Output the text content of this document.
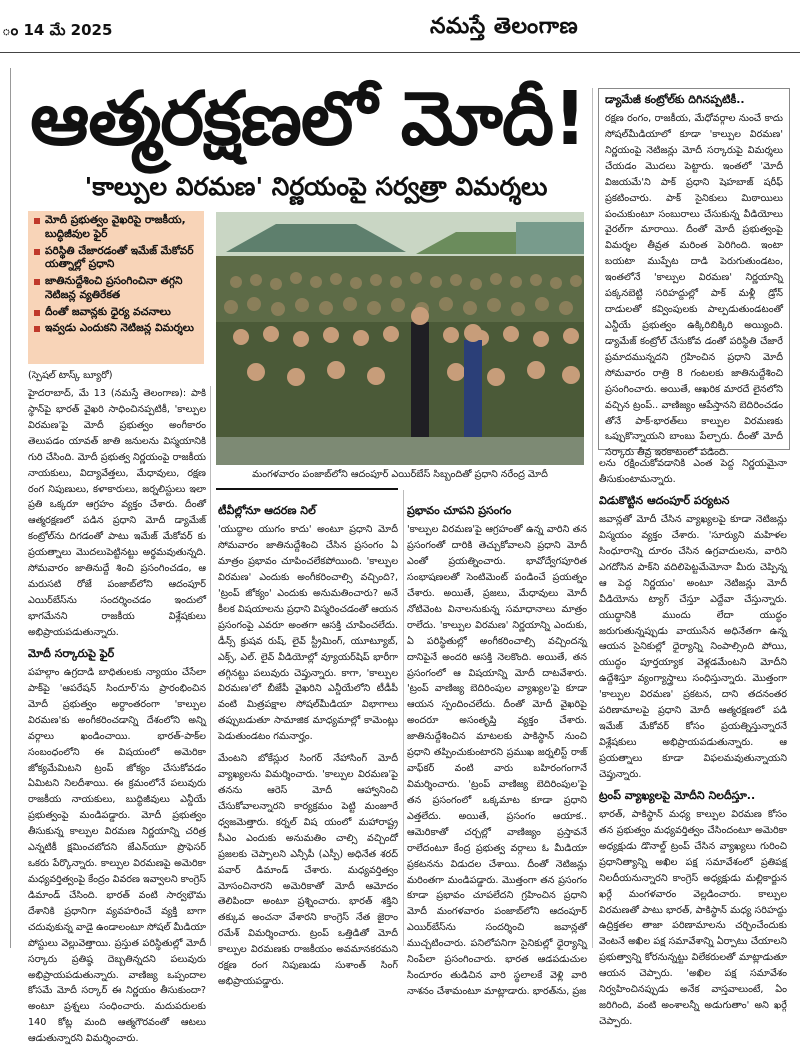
ం 14 మే 2025	నమస్తే తెలంగాణ
ఆత్మరక్షణలో మోదీ!
'కాల్పుల విరమణ' నిర్ణయంపై సర్వత్రా విమర్శలు
మోదీ ప్రభుత్వం వైఖరిపై రాజకీయ, బుద్ధిజీవుల ఫైర్
పరిస్థితి చేజారడంతో ఇమేజ్ మేకోవర్ యత్నాల్లో ప్రధాని
జాతినుద్దేశించి ప్రసంగించినా తగ్గని నెటిజన్ల వ్యతిరేకత
దీంతో జవాన్లకు ధైర్య వచనాలు
ఇవ్వడు ఎందుకని నెటిజన్ల విమర్శలు
మంగళవారం పంజాబ్‌లోని ఆదంపూర్ ఎయిర్‌బేస్ సిబ్బందితో ప్రధాని నరేంద్ర మోదీ
(స్పెషల్ టాస్క్ బ్యూరో)

హైదరాబాద్, మే 13 (నమస్తే తెలంగాణ): పాకి స్థాన్‌పై భారత్ వైఖరి సాధించినప్పటికీ, 'కాల్పుల విరమణ'పై మోదీ ప్రభుత్వం అంగీకారం తెలుపడం యావత్ జాతి జనులను విస్మయానికి గురి చేసింది. మోదీ ప్రభుత్వ నిర్ణయంపై రాజకీయ నాయకులు, విద్యావేత్తలు, మేధావులు, రక్షణ రంగ నిపుణులు, కళాకారులు, జర్నలిస్టులు ఇలా ప్రతి ఒక్కరూ ఆగ్రహం వ్యక్తం చేశారు. దీంతో ఆత్మరక్షణలో పడిన ప్రధాని మోదీ డ్యామేజ్ కంట్రోల్‌ను దిగడంతో పాటు ఇమేజ్ మేకోవర్ కు ప్రయత్నాలు మొదలుపెట్టినట్టు అర్థమవుతున్నది. సోమవారం జాతినుద్దే శించి ప్రసంగించడం, ఆ మరుసటి రోజే పంజాబ్‌లోని ఆదంపూర్ ఎయిర్‌బేస్‌ను సందర్శించడం ఇందులో భాగమేనని రాజకీయ విశ్లేషకులు అభిప్రాయపడుతున్నారు.

మోదీ సర్కారుపై ఫైర్

పహల్గాం ఉగ్రదాడి బాధితులకు న్యాయం చేసేలా పాక్‌పై 'ఆపరేషన్ సిందూర్'ను ప్రారంభించిన మోదీ ప్రభుత్వం అర్ధాంతరంగా 'కాల్పుల విరమణ'కు అంగీకరించడాన్ని దేశంలోని అన్ని వర్గాలు ఖండించాయి. భారత్-పాక్‌ల సంబంధంలోని ఈ విషయంలో అమెరికా జోక్యమేమిటని ట్రంప్ జోక్యం చేసుకోవడం ఏమిటని నిలదీశాయి. ఈ క్రమంలోనే పలువురు రాజకీయ నాయకులు, బుద్ధిజీవులు ఎన్డీయే ప్రభుత్వంపై మండిపడ్డారు. మోదీ ప్రభుత్వం తీసుకున్న కాల్పుల విరమణ నిర్ణయాన్ని చరిత్ర ఎన్నటికీ క్షమించబోదని జేఎన్‌యూ ప్రొఫెసర్ ఒకరు పేర్కొన్నారు. కాల్పుల విరమణపై అమెరికా మధ్యవర్తిత్వంపై కేంద్రం వివరణ ఇవ్వాలని కాంగ్రెస్ డిమాండ్ చేసింది. భారత్ వంటి సార్వభౌమ దేశానికి ప్రధానిగా వ్యవహరించే వ్యక్తి బాగా చదువుకున్న వాడై ఉండాలంటూ సోషల్ మీడియా పోస్టులు వెల్లువెత్తాయి. ప్రస్తుత పరిస్థితుల్లో మోదీ సర్కారు ప్రతిష్ఠ దెబ్బతిన్నదని పలువురు అభిప్రాయపడుతున్నారు. వాణిజ్య ఒప్పందాల కోసమే మోదీ సర్కార్ ఈ నిర్ణయం తీసుకుందా? అంటూ ప్రశ్నలు సంధించారు. మదుపరులకు 140 కోట్ల మంది ఆత్మగౌరవంతో ఆటలు ఆడుతున్నారని విమర్శించారు.

టీవీల్లోనూ ఆదరణ నిల్

'యుద్ధాల యుగం కాదు' అంటూ ప్రధాని మోదీ సోమవారం జాతినుద్దేశించి చేసిన ప్రసంగం ఏ మాత్రం ప్రభావం చూపించలేకపోయింది. 'కాల్పుల విరమణ' ఎందుకు అంగీకరించాల్సి వచ్చింది?, 'ట్రంప్ జోక్యం' ఎందుకు అనుమతించారు? అనే కీలక విషయాలను ప్రధాని విస్మరించడంతో ఆయన ప్రసంగంపై ఎవరూ అంతగా ఆసక్తి చూపించలేదు. డీన్స్ క్రుషవ రుష్, లైవ్ స్ట్రీమింగ్, యూట్యూబ్, ఎక్స్, ఎల్. లైవ్ వీడియోల్లో వ్యూయర్‌షిప్ భారీగా తగ్గినట్టు పలువురు చెప్తున్నారు. కాగా, 'కాల్పుల విరమణ'లో బీజేపీ వైఖరిని ఎన్డీయేలోని టీడీపీ వంటి మిత్రపక్షాల సోషల్‌మీడియా విభాగాలు తప్పుబడుతూ సామాజిక మాధ్యమాల్లో కామెంట్లు పెడుతుండటం గమనార్హం.

మేంటని బోకేస్లుర సింగర్ నేహాసింగ్ మోదీ వ్యాఖ్యలను విమర్శించారు. 'కాల్పుల విరమణ'పై తనను ఆరెస్ మోదీ ఆహ్వానించి చేసుకోవాలన్నారని కార్యక్రమం పెట్టి మంజూరే ధ్వజమెత్తారు. కర్నల్ విష యంలో మహారాష్ట్ర సీఎం ఎందుకు అనుమతిం చాల్సి వచ్చిందో ప్రజలకు చెప్పాలని ఎన్సీపీ (ఎస్పీ) అధినేత శరద్ పవార్ డిమాండ్ చేశారు. మధ్యవర్తిత్వం మోసంచినారని అమెరికాతో మోదీ ఆమోదం తెలిపిందా అంటూ ప్రశ్నించారు. భారత్ శక్తిని తక్కువ అంచనా వేశారని కాంగ్రెస్ నేత జైరాం రమేశ్ విమర్శించారు. ట్రంప్ ఒత్తిడితో మోదీ కాల్పుల విరమణకు రాజకీయం అవమానకరమని రక్షణ రంగ నిపుణుడు సుశాంత్ సింగ్ అభిప్రాయపడ్డారు.

ప్రభావం చూపని ప్రసంగం

'కాల్పుల విరమణ'పై ఆగ్రహంతో ఉన్న వారిని తన ప్రసంగంతో దారికి తెచ్చుకోవాలని ప్రధాని మోదీ ఎంతో ప్రయత్నించారు. భావోద్వేగపూరిత సంభాషణలతో సెంటిమెంట్ పండించే ప్రయత్నం చేశారు. అయితే, ప్రజలు, మేధావులు మోదీ నోటివెంట వినాలనుకున్న సమాధానాలు మాత్రం రాలేదు. 'కాల్పుల విరమణ' నిర్ణయాన్ని ఎందుకు, ఏ పరిస్థితుల్లో అంగీకరించాల్సి వచ్చిందన్న దానిపైనే అందరి ఆసక్తి నెలకొంది. అయితే, తన ప్రసంగంలో ఆ విషయాన్ని మోదీ దాటవేశారు. 'ట్రంప్ వాణిజ్య బెదిరింపుల వ్యాఖ్యల'పై కూడా ఆయన స్పందించలేదు. దీంతో మోదీ వైఖరిపై అందరూ అసంతృప్తి వ్యక్తం చేశారు. జాతినుద్దేశించిన మాటలకు పాకిస్థాన్ నుంచి ప్రధాని తప్పించుకుంటారని ప్రముఖ జర్నలిస్ట్ రాజ్ వాఫ్‌కర్ వంటి వారు బహిరంగంగానే విమర్శించారు. 'ట్రంప్ వాణిజ్య బెదిరింపుల'పై తన ప్రసంగంలో ఒక్కమాట కూడా ప్రధాని ఎత్తలేదు. అయితే, ప్రసంగం ఆయాక.. ఆమెరికాతో చర్చల్లో వాణిజ్యం ప్రస్తావనే రాలేదంటూ కేంద్ర ప్రభుత్వ వర్గాలు ఓ మీడియా ప్రకటనను విడుదల చేశాయి. దీంతో నెటిజన్లు మరింతగా మండిపడ్డారు. మొత్తంగా తన ప్రసంగం కూడా ప్రభావం చూపలేదని గ్రహించిన ప్రధాని మోదీ మంగళవారం పంజాబ్‌లోని ఆదంపూర్ ఎయిర్‌బేస్‌ను సందర్శించి జవాన్లతో ముచ్చటించారు. పనిలోపనిగా సైనికుల్లో ధైర్యాన్ని నింపేలా ప్రసంగించారు. భారత ఆడపడుచుల సిందూరం తుడిచిన వారి స్థలాలకే వెళ్లి వారి నాశనం చేశామంటూ మాట్లాడారు. భారత్‌ను, ప్రజ

డ్యామేజీ కంట్రోల్‌కు దిగినప్పటికీ..

రక్షణ రంగం, రాజకీయ, మేధోవర్గాల నుంచే కాదు సోషల్‌మీడియాలో కూడా 'కాల్పుల విరమణ' నిర్ణయంపై నెటిజన్లు మోదీ సర్కారుపై విమర్శలు చేయడం మొదలు పెట్టారు. ఇంతలో 'మోదీ విజయమే'ని పాక్ ప్రధాని షెహబాజ్ షరీఫ్ ప్రకటించారు. పాక్ సైనికులు మిఠాయిలు పంచుకుంటూ సంబురాలు చేసుకున్న వీడియోలు వైరల్‌గా మారాయి. దీంతో మోదీ ప్రభుత్వంపై విమర్శల తీవ్రత మరింత పెరిగింది. ఇంటా బయటా ముప్పేట దాడి పెరుగుతుండటం, ఇంతలోనే 'కాల్పుల విరమణ' నిర్ణయాన్ని పక్కనబెట్టి సరిహద్దుల్లో పాక్ మళ్లీ డ్రోన్ దాడులతో కవ్వింపులకు పాల్పడుతుండటంతో ఎన్డీయే ప్రభుత్వం ఉక్కిరిబిక్కిరి అయ్యింది. డ్యామేజ్ కంట్రోల్ చేసుకోవ డంతో పరిస్థితి చేజారే ప్రమాదమున్నదని గ్రహించిన ప్రధాని మోదీ సోమవారం రాత్రి 8 గంటలకు జాతినుద్దేశించి ప్రసంగించారు. అయితే, ఆఖరిక మారదే లైనలోని వచ్చిన ట్రంప్.. వాణిజ్యం ఆపేస్తానని బెదిరించడం తోనే పాక్-భారత్‌లు కాల్పుల విరమణకు ఒప్పుకొన్నాయని బాంబు పేల్చారు. దీంతో మోదీ సర్కారు తీవ్ర ఇరకాటంలో పడింది.

లను రక్షించుకోవడానికి ఎంత పెద్ద నిర్ణయమైనా తీసుకుంటామన్నారు.

విడుకొట్టిన ఆదంపూర్ పర్యటన

జవాన్లతో మోదీ చేసిన వ్యాఖ్యలపై కూడా నెటిజన్లు విస్మయం వ్యక్తం చేశారు. 'సూర్యుని మహిళల సింధూరాన్ని దూరం చేసిన ఉగ్రవాదులను, వారిని ఎగదోసిన పాక్‌ని వదిలిపెట్టమేమోనా మీరు చెప్పిన్న ఆ పెద్ద నిర్ణయం' అంటూ నెటిజన్లు మోదీ వీడియోను ట్యాగ్ చేస్తూ ఎద్దేవా చేస్తున్నారు. యుద్ధానికి ముందు లేదా యుద్ధం జరుగుతున్నప్పుడు వాయుసేన అధినేతగా ఉన్న ఆయన సైనికుల్లో ధైర్యాన్ని నింపాల్సింది పోయి, యుద్ధం పూర్తయ్యాక వెళ్లడమేంటని మోదీని ఉద్దేశిస్తూ వ్యంగ్యాస్త్రాలు సంధిస్తున్నారు. మొత్తంగా 'కాల్పుల విరమణ' ప్రకటన, దాని తదనంతర పరిణామాలపై ప్రధాని మోదీ ఆత్మరక్షణలో పడి ఇమేజ్ మేకోవర్ కోసం ప్రయత్నిస్తున్నారనే విశ్లేషకులు అభిప్రాయపడుతున్నారు. ఆ ప్రయత్నాలు కూడా విఫలమవుతున్నాయని చెప్తున్నారు.

ట్రంప్ వ్యాఖ్యలపై మోదీని నిలదీస్తూ..

భారత్, పాకిస్థాన్ మధ్య కాల్పుల విరమణ కోసం తన ప్రభుత్వం మధ్యవర్తిత్వం చేసిందంటూ అమెరికా అధ్యక్షుడు డొనాల్డ్ ట్రంప్ చేసిన వ్యాఖ్యలు గురించి ప్రధానిత్యాన్ని అఖిల పక్ష సమావేశంలో ప్రతిపక్ష నిలదీయనున్నారని కాంగ్రెస్ అధ్యక్షుడు మల్లికార్జున ఖర్గే మంగళవారం వెల్లడించారు. కాల్పుల విరమణతో పాటు భారత్, పాకిస్థాన్ మధ్య సరిహద్దు ఉద్రిక్తతల తాజా పరిణామాలను చర్చించేందుకు వెంటనే అఖిల పక్ష సమావేశాన్ని ఏర్పాటు చేయాలని ప్రభుత్వాన్ని కోరనున్నట్టు విలేకరులతో మాట్లాడుతూ ఆయన చెప్పారు. 'అఖిల పక్ష సమావేశం నిర్వహించినప్పుడు అనేక వాస్తవాలుంటే, ఏం జరిగింది, వంటి అంశాలన్నీ అడుగుతాం' అని ఖర్గే చెప్పారు.
